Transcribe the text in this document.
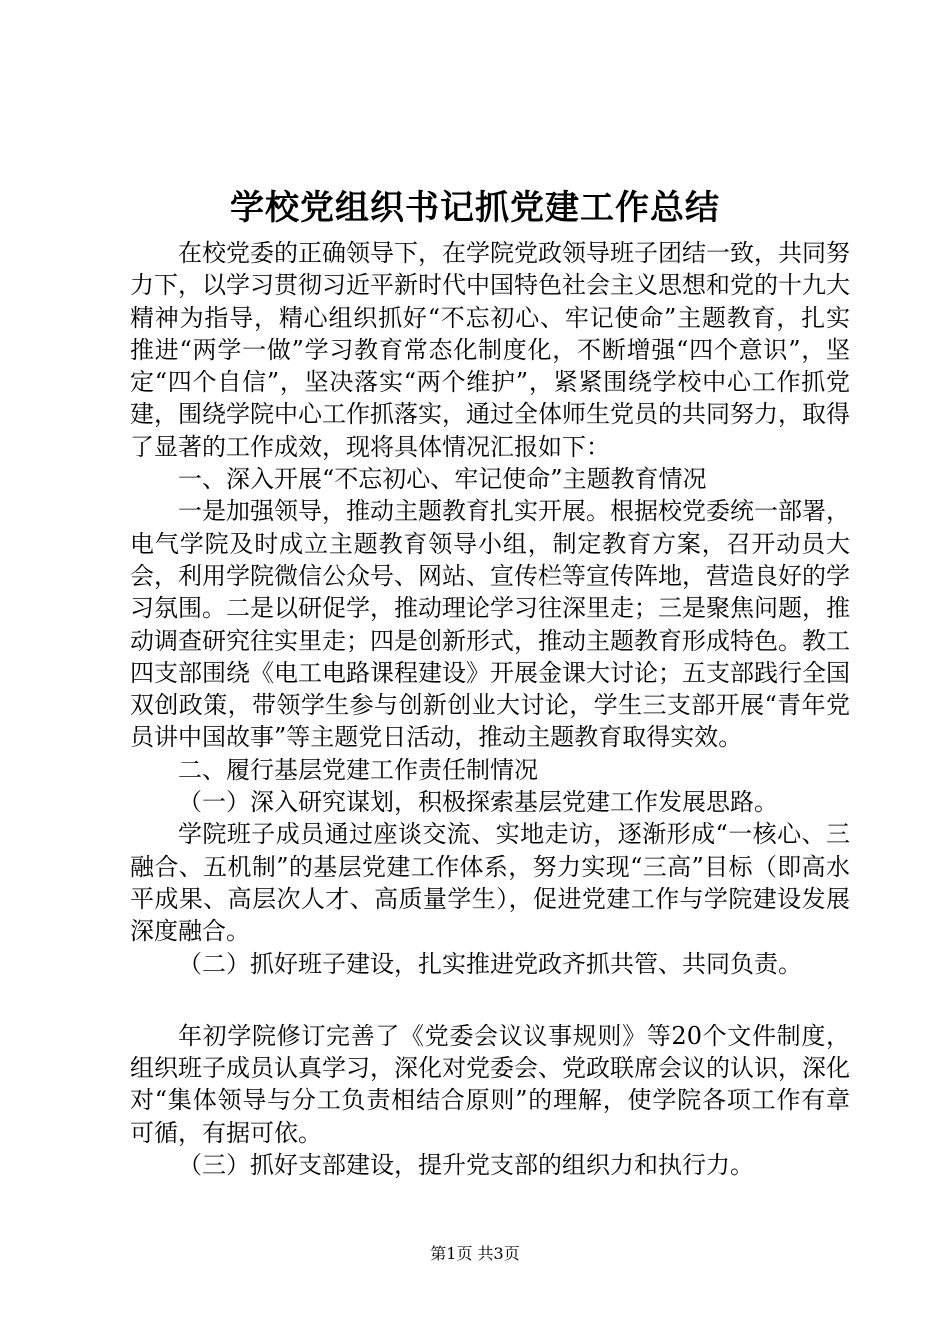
学校党组织书记抓党建工作总结

在校党委的正确领导下，在学院党政领导班子团结一致，共同努力下，以学习贯彻习近平新时代中国特色社会主义思想和党的十九大精神为指导，精心组织抓好“不忘初心、牢记使命”主题教育，扎实推进“两学一做”学习教育常态化制度化，不断增强“四个意识”，坚定“四个自信”，坚决落实“两个维护”，紧紧围绕学校中心工作抓党建，围绕学院中心工作抓落实，通过全体师生党员的共同努力，取得了显著的工作成效，现将具体情况汇报如下：

一、深入开展“不忘初心、牢记使命”主题教育情况

一是加强领导，推动主题教育扎实开展。根据校党委统一部署，电气学院及时成立主题教育领导小组，制定教育方案，召开动员大会，利用学院微信公众号、网站、宣传栏等宣传阵地，营造良好的学习氛围。二是以研促学，推动理论学习往深里走；三是聚焦问题，推动调查研究往实里走；四是创新形式，推动主题教育形成特色。教工四支部围绕《电工电路课程建设》开展金课大讨论；五支部践行全国双创政策，带领学生参与创新创业大讨论，学生三支部开展“青年党员讲中国故事”等主题党日活动，推动主题教育取得实效。

二、履行基层党建工作责任制情况

（一）深入研究谋划，积极探索基层党建工作发展思路。

学院班子成员通过座谈交流、实地走访，逐渐形成“一核心、三融合、五机制”的基层党建工作体系，努力实现“三高”目标（即高水平成果、高层次人才、高质量学生），促进党建工作与学院建设发展深度融合。

（二）抓好班子建设，扎实推进党政齐抓共管、共同负责。

年初学院修订完善了《党委会议议事规则》等20个文件制度，组织班子成员认真学习，深化对党委会、党政联席会议的认识，深化对“集体领导与分工负责相结合原则”的理解，使学院各项工作有章可循，有据可依。

（三）抓好支部建设，提升党支部的组织力和执行力。

第1页 共3页
